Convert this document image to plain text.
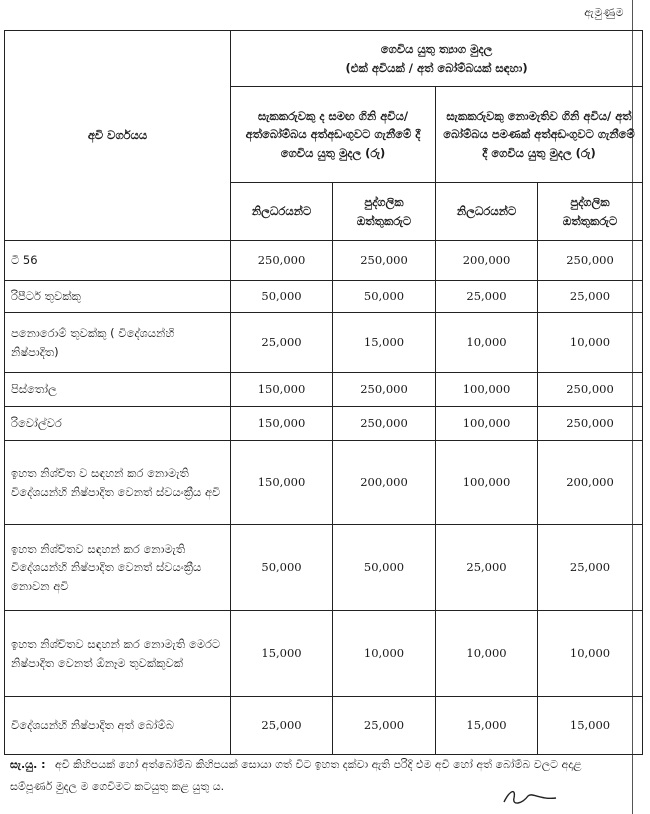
ඇමුණුම
අවි වර්ගයය	ගෙවිය යුතු ත්‍යාග මුදල
(එක් අවියක් / අත් බෝම්බයක් සඳහා)			

	සැකකරුවකු ද සමඟ ගිනි අවිය/ අත්බෝම්බය අත්අඩංගුවට ගැනීමේ දී ගෙවිය යුතු මුදල (රු)		සැකකරුවකු නොමැතිව ගිනි අවිය/ අත් බෝම්බය පමණක් අත්අඩංගුවට ගැනීමේ දී ගෙවිය යුතු මුදල (රු)	
	නිලධරයන්ට	පුද්ගලික ඔත්තුකරුට	නිලධරයන්ට	පුද්ගලික ඔත්තුකරුට
ටී 56	250,000	250,000	200,000	250,000
රිපීටර් තුවක්කු	50,000	50,000	25,000	25,000
පනොරොම් තුවක්කු ( විදේශයන්හි නිෂ්පාදිත)	25,000	15,000	10,000	10,000
පිස්තෝල	150,000	250,000	100,000	250,000
රිවෝල්වර	150,000	250,000	100,000	250,000
ඉහත නිශ්චිත ව සඳහන් කර නොමැති විදේශයන්හි නිෂ්පාදිත වෙනත් ස්වයංක්‍රීය අවි	150,000	200,000	100,000	200,000
ඉහත නිශ්චිතව සඳහන් කර නොමැති විදේශයන්හි නිෂ්පාදිත වෙනත් ස්වයංක්‍රීය නොවන අවි	50,000	50,000	25,000	25,000
ඉහත නිශ්චිතව සඳහන් කර නොමැති මෙරට නිෂ්පාදිත වෙනත් ඕනෑම තුවක්කුවක්	15,000	10,000	10,000	10,000
විදේශයන්හි නිෂ්පාදිත අත් බෝම්බ	25,000	25,000	15,000	15,000
සැ.යු. : අවි කිහිපයක් හෝ අත්බෝම්බ කිහිපයක් සොයා ගත් විට ඉහත දක්වා ඇති පරිදි එම අවි හෝ අත් බෝම්බ වලට අදාළ සම්පූර්ණ මුදල ම ගෙවීමට කටයුතු කළ යුතු ය.
